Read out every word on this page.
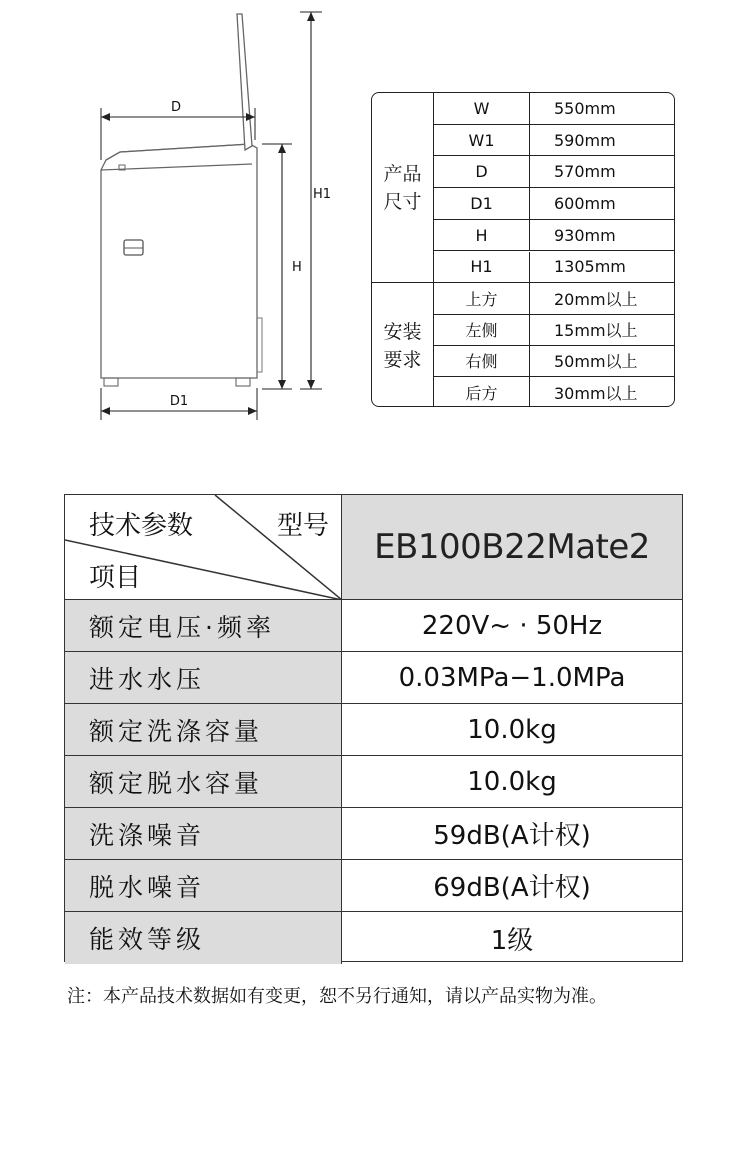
D
D1
H
H1
产品
尺寸
安装
要求
W	550mm
W1	590mm
D	570mm
D1	600mm
H	930mm
H1	1305mm
上方	20mm以上
左侧	15mm以上
右侧	50mm以上
后方	30mm以上
技术参数	型号
项目
EB100B22Mate2
额定电压·频率	220V~ · 50Hz
进水水压	0.03MPa−1.0MPa
额定洗涤容量	10.0kg
额定脱水容量	10.0kg
洗涤噪音	59dB(A计权)
脱水噪音	69dB(A计权)
能效等级	1级
注：本产品技术数据如有变更，恕不另行通知，请以产品实物为准。
